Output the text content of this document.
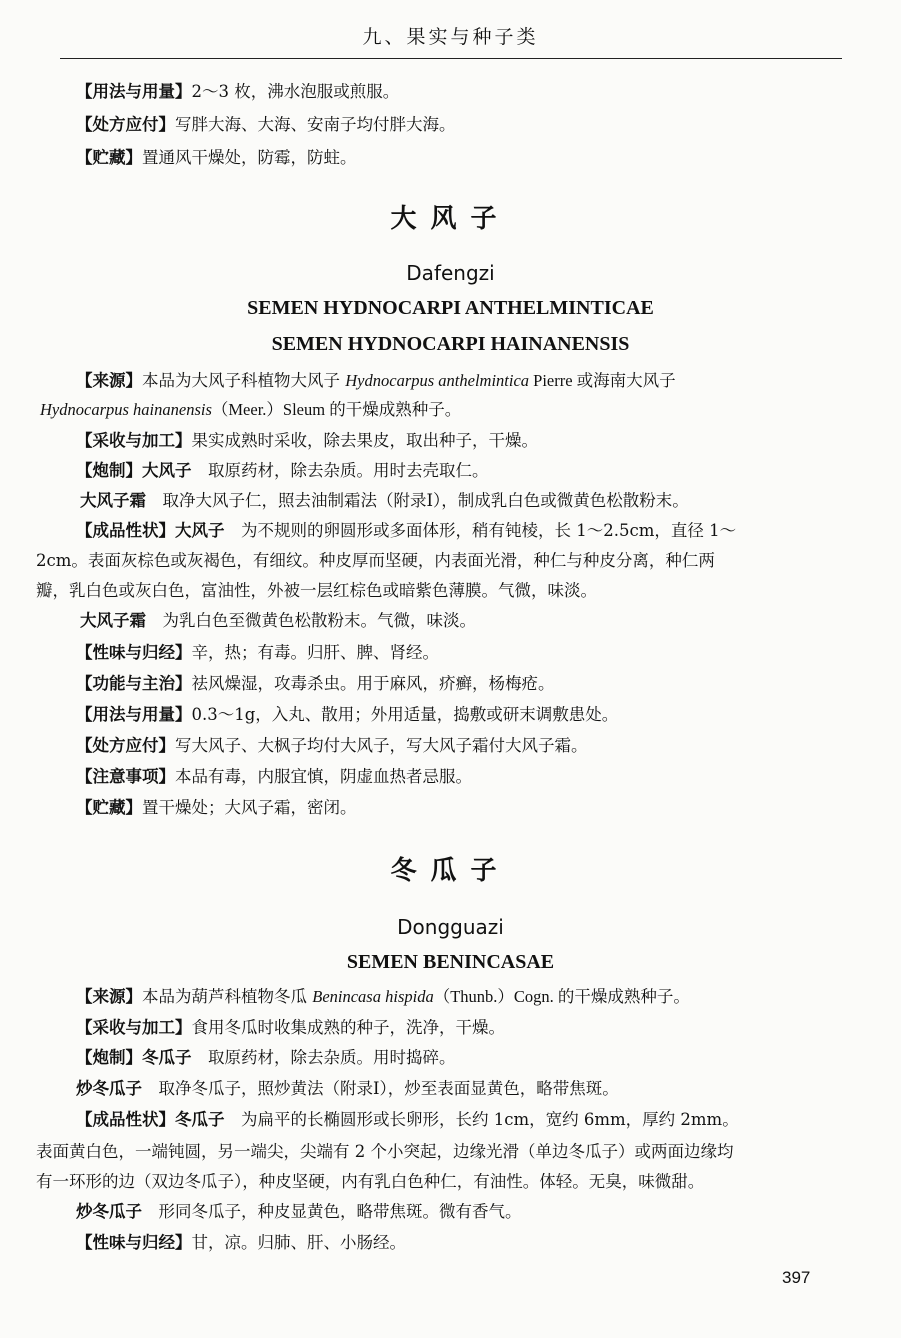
九、果实与种子类
【用法与用量】2～3 枚，沸水泡服或煎服。
【处方应付】写胖大海、大海、安南子均付胖大海。
【贮藏】置通风干燥处，防霉，防蛀。
大风子
Dafengzi
SEMEN HYDNOCARPI ANTHELMINTICAE
SEMEN HYDNOCARPI HAINANENSIS
【来源】本品为大风子科植物大风子 Hydnocarpus anthelmintica Pierre 或海南大风子
Hydnocarpus hainanensis（Meer.）Sleum 的干燥成熟种子。
【采收与加工】果实成熟时采收，除去果皮，取出种子，干燥。
【炮制】大风子　取原药材，除去杂质。用时去壳取仁。
大风子霜　取净大风子仁，照去油制霜法（附录Ⅰ），制成乳白色或微黄色松散粉末。
【成品性状】大风子　为不规则的卵圆形或多面体形，稍有钝棱，长 1～2.5cm，直径 1～
2cm。表面灰棕色或灰褐色，有细纹。种皮厚而坚硬，内表面光滑，种仁与种皮分离，种仁两
瓣，乳白色或灰白色，富油性，外被一层红棕色或暗紫色薄膜。气微，味淡。
大风子霜　为乳白色至微黄色松散粉末。气微，味淡。
【性味与归经】辛，热；有毒。归肝、脾、肾经。
【功能与主治】祛风燥湿，攻毒杀虫。用于麻风，疥癣，杨梅疮。
【用法与用量】0.3～1g，入丸、散用；外用适量，捣敷或研末调敷患处。
【处方应付】写大风子、大枫子均付大风子，写大风子霜付大风子霜。
【注意事项】本品有毒，内服宜慎，阴虚血热者忌服。
【贮藏】置干燥处；大风子霜，密闭。
冬瓜子
Dongguazi
SEMEN BENINCASAE
【来源】本品为葫芦科植物冬瓜 Benincasa hispida（Thunb.）Cogn. 的干燥成熟种子。
【采收与加工】食用冬瓜时收集成熟的种子，洗净，干燥。
【炮制】冬瓜子　取原药材，除去杂质。用时捣碎。
炒冬瓜子　取净冬瓜子，照炒黄法（附录Ⅰ），炒至表面显黄色，略带焦斑。
【成品性状】冬瓜子　为扁平的长椭圆形或长卵形，长约 1cm，宽约 6mm，厚约 2mm。
表面黄白色，一端钝圆，另一端尖，尖端有 2 个小突起，边缘光滑（单边冬瓜子）或两面边缘均
有一环形的边（双边冬瓜子），种皮坚硬，内有乳白色种仁，有油性。体轻。无臭，味微甜。
炒冬瓜子　形同冬瓜子，种皮显黄色，略带焦斑。微有香气。
【性味与归经】甘，凉。归肺、肝、小肠经。
397
